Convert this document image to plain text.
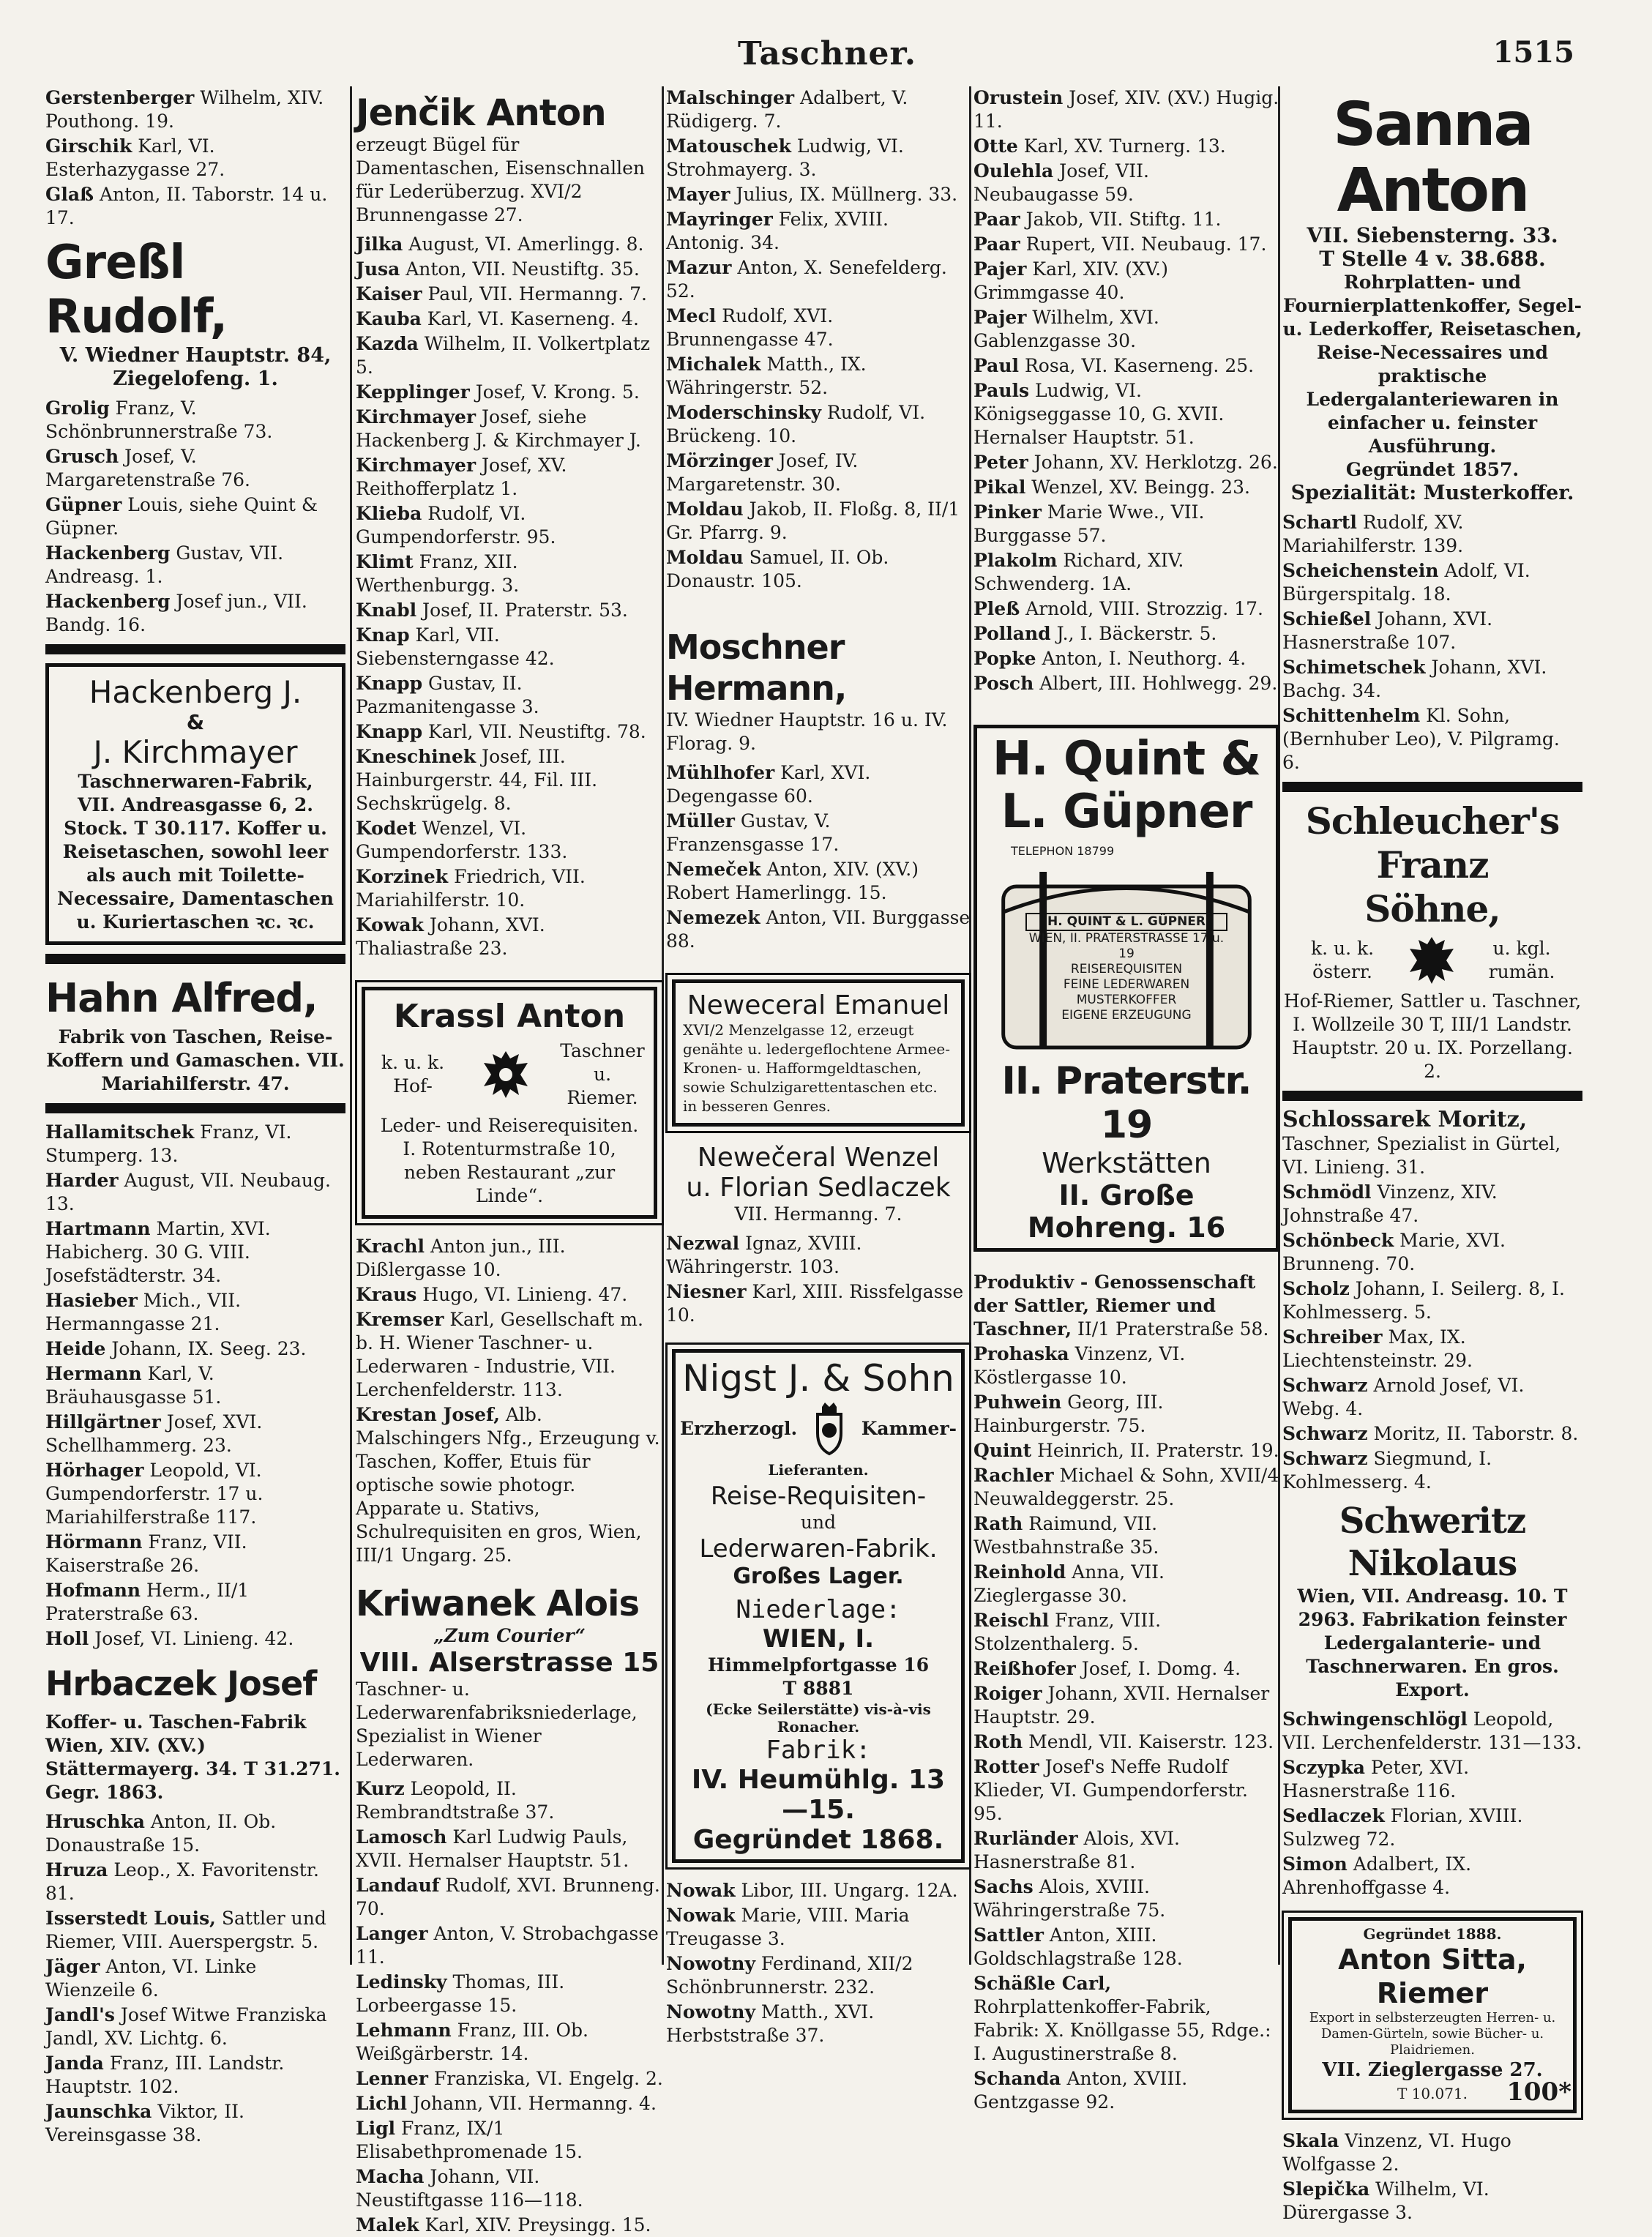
Taschner.	1515

Gerstenberger Wilhelm, XIV. Pouthong. 19.

Girschik Karl, VI. Esterhazygasse 27.

Glaß Anton, II. Taborstr. 14 u. 17.

Greßl Rudolf,
V. Wiedner Hauptstr. 84, Ziegelofeng. 1.

Grolig Franz, V. Schönbrunnerstraße 73.

Grusch Josef, V. Margaretenstraße 76.

Güpner Louis, siehe Quint & Güpner.

Hackenberg Gustav, VII. Andreasg. 1.

Hackenberg Josef jun., VII. Bandg. 16.

Hackenberg J.
&
J. Kirchmayer
Taschnerwaren-Fabrik, VII. Andreasgasse 6, 2. Stock. T 30.117. Koffer u. Reisetaschen, sowohl leer als auch mit Toilette-Necessaire, Damentaschen u. Kuriertaschen ꝛc. ꝛc.
Hahn Alfred,
Fabrik von Taschen, Reise-Koffern und Gamaschen. VII. Mariahilferstr. 47.

Hallamitschek Franz, VI. Stumperg. 13.

Harder August, VII. Neubaug. 13.

Hartmann Martin, XVI. Habicherg. 30 G. VIII. Josefstädterstr. 34.

Hasieber Mich., VII. Hermanngasse 21.

Heide Johann, IX. Seeg. 23.

Hermann Karl, V. Bräuhausgasse 51.

Hillgärtner Josef, XVI. Schellhammerg. 23.

Hörhager Leopold, VI. Gumpendorferstr. 17 u. Mariahilferstraße 117.

Hörmann Franz, VII. Kaiserstraße 26.

Hofmann Herm., II/1 Praterstraße 63.

Holl Josef, VI. Linieng. 42.

Hrbaczek Josef
Koffer- u. Taschen-Fabrik Wien, XIV. (XV.) Stättermayerg. 34. T 31.271. Gegr. 1863.

Hruschka Anton, II. Ob. Donaustraße 15.

Hruza Leop., X. Favoritenstr. 81.

Isserstedt Louis, Sattler und Riemer, VIII. Auerspergstr. 5.

Jäger Anton, VI. Linke Wienzeile 6.

Jandl's Josef Witwe Franziska Jandl, XV. Lichtg. 6.

Janda Franz, III. Landstr. Hauptstr. 102.

Jaunschka Viktor, II. Vereinsgasse 38.

Jenčik Anton
erzeugt Bügel für Damentaschen, Eisenschnallen für Lederüberzug. XVI/2 Brunnengasse 27.

Jilka August, VI. Amerlingg. 8.

Jusa Anton, VII. Neustiftg. 35.

Kaiser Paul, VII. Hermanng. 7.

Kauba Karl, VI. Kaserneng. 4.

Kazda Wilhelm, II. Volkertplatz 5.

Kepplinger Josef, V. Krong. 5.

Kirchmayer Josef, siehe Hackenberg J. & Kirchmayer J.

Kirchmayer Josef, XV. Reithofferplatz 1.

Klieba Rudolf, VI. Gumpendorferstr. 95.

Klimt Franz, XII. Werthenburgg. 3.

Knabl Josef, II. Praterstr. 53.

Knap Karl, VII. Siebensterngasse 42.

Knapp Gustav, II. Pazmanitengasse 3.

Knapp Karl, VII. Neustiftg. 78.

Kneschinek Josef, III. Hainburgerstr. 44, Fil. III. Sechskrügelg. 8.

Kodet Wenzel, VI. Gumpendorferstr. 133.

Korzinek Friedrich, VII. Mariahilferstr. 10.

Kowak Johann, XVI. Thaliastraße 23.

Krassl Anton
k. u. k. Hof-
Taschner u. Riemer.
Leder- und Reiserequisiten. I. Rotenturmstraße 10, neben Restaurant „zur Linde“.

Krachl Anton jun., III. Dißlergasse 10.

Kraus Hugo, VI. Linieng. 47.

Kremser Karl, Gesellschaft m. b. H. Wiener Taschner- u. Lederwaren - Industrie, VII. Lerchenfelderstr. 113.

Krestan Josef, Alb. Malschingers Nfg., Erzeugung v. Taschen, Koffer, Etuis für optische sowie photogr. Apparate u. Stativs, Schulrequisiten en gros, Wien, III/1 Ungarg. 25.

Kriwanek Alois
„Zum Courier“
VIII. Alserstrasse 15
Taschner- u. Lederwarenfabriksniederlage, Spezialist in Wiener Lederwaren.

Kurz Leopold, II. Rembrandtstraße 37.

Lamosch Karl Ludwig Pauls, XVII. Hernalser Hauptstr. 51.

Landauf Rudolf, XVI. Brunneng. 70.

Langer Anton, V. Strobachgasse 11.

Ledinsky Thomas, III. Lorbeergasse 15.

Lehmann Franz, III. Ob. Weißgärberstr. 14.

Lenner Franziska, VI. Engelg. 2.

Lichl Johann, VII. Hermanng. 4.

Ligl Franz, IX/1 Elisabethpromenade 15.

Macha Johann, VII. Neustiftgasse 116—118.

Malek Karl, XIV. Preysingg. 15.

Malschinger Adalbert, V. Rüdigerg. 7.

Matouschek Ludwig, VI. Strohmayerg. 3.

Mayer Julius, IX. Müllnerg. 33.

Mayringer Felix, XVIII. Antonig. 34.

Mazur Anton, X. Senefelderg. 52.

Mecl Rudolf, XVI. Brunnengasse 47.

Michalek Matth., IX. Währingerstr. 52.

Moderschinsky Rudolf, VI. Brückeng. 10.

Mörzinger Josef, IV. Margaretenstr. 30.

Moldau Jakob, II. Floßg. 8, II/1 Gr. Pfarrg. 9.

Moldau Samuel, II. Ob. Donaustr. 105.

Moschner Hermann,
IV. Wiedner Hauptstr. 16 u. IV. Florag. 9.

Mühlhofer Karl, XVI. Degengasse 60.

Müller Gustav, V. Franzensgasse 17.

Nemeček Anton, XIV. (XV.) Robert Hamerlingg. 15.

Nemezek Anton, VII. Burggasse 88.

Neweceral Emanuel
XVI/2 Menzelgasse 12, erzeugt genähte u. ledergeflochtene Armee-Kronen- u. Hafformgeldtaschen, sowie Schulzigarettentaschen etc. in besseren Genres.
Newečeral Wenzel
u. Florian Sedlaczek
VII. Hermanng. 7.

Nezwal Ignaz, XVIII. Währingerstr. 103.

Niesner Karl, XIII. Rissfelgasse 10.

Nigst J. & Sohn
Erzherzogl.	Kammer-
Lieferanten.
Reise-Requisiten-
und
Lederwaren-Fabrik.
Großes Lager.
Niederlage:
WIEN, I.
Himmelpfortgasse 16
T 8881
(Ecke Seilerstätte) vis-à-vis Ronacher.
Fabrik:
IV. Heumühlg. 13—15.
Gegründet 1868.

Nowak Libor, III. Ungarg. 12A.

Nowak Marie, VIII. Maria Treugasse 3.

Nowotny Ferdinand, XII/2 Schönbrunnerstr. 232.

Nowotny Matth., XVI. Herbststraße 37.

Orustein Josef, XIV. (XV.) Hugig. 11.

Otte Karl, XV. Turnerg. 13.

Oulehla Josef, VII. Neubaugasse 59.

Paar Jakob, VII. Stiftg. 11.

Paar Rupert, VII. Neubaug. 17.

Pajer Karl, XIV. (XV.) Grimmgasse 40.

Pajer Wilhelm, XVI. Gablenzgasse 30.

Paul Rosa, VI. Kaserneng. 25.

Pauls Ludwig, VI. Königseggasse 10, G. XVII. Hernalser Hauptstr. 51.

Peter Johann, XV. Herklotzg. 26.

Pikal Wenzel, XV. Beingg. 23.

Pinker Marie Wwe., VII. Burggasse 57.

Plakolm Richard, XIV. Schwenderg. 1A.

Pleß Arnold, VIII. Strozzig. 17.

Polland J., I. Bäckerstr. 5.

Popke Anton, I. Neuthorg. 4.

Posch Albert, III. Hohlwegg. 29.

H. Quint &
L. Güpner
TELEPHON 18799
H. QUINT & L. GÜPNER
WIEN, II. PRATERSTRASSE 17 u. 19
REISEREQUISITEN
FEINE LEDERWAREN
MUSTERKOFFER
EIGENE ERZEUGUNG
II. Praterstr. 19
Werkstätten
II. Große Mohreng. 16

Produktiv - Genossenschaft der Sattler, Riemer und Taschner, II/1 Praterstraße 58.

Prohaska Vinzenz, VI. Köstlergasse 10.

Puhwein Georg, III. Hainburgerstr. 75.

Quint Heinrich, II. Praterstr. 19.

Rachler Michael & Sohn, XVII/4 Neuwaldeggerstr. 25.

Rath Raimund, VII. Westbahnstraße 35.

Reinhold Anna, VII. Zieglergasse 30.

Reischl Franz, VIII. Stolzenthalerg. 5.

Reißhofer Josef, I. Domg. 4.

Roiger Johann, XVII. Hernalser Hauptstr. 29.

Roth Mendl, VII. Kaiserstr. 123.

Rotter Josef's Neffe Rudolf Klieder, VI. Gumpendorferstr. 95.

Rurländer Alois, XVI. Hasnerstraße 81.

Sachs Alois, XVIII. Währingerstraße 75.

Sattler Anton, XIII. Goldschlagstraße 128.

Schäßle Carl, Rohrplattenkoffer-Fabrik, Fabrik: X. Knöllgasse 55, Rdge.: I. Augustinerstraße 8.

Schanda Anton, XVIII. Gentzgasse 92.

Sanna Anton
VII. Siebensterng. 33.
T Stelle 4 v. 38.688.
Rohrplatten- und Fournierplattenkoffer, Segel- u. Lederkoffer, Reisetaschen, Reise-Necessaires und praktische Ledergalanteriewaren in einfacher u. feinster Ausführung.
Gegründet 1857.
Spezialität: Musterkoffer.

Schartl Rudolf, XV. Mariahilferstr. 139.

Scheichenstein Adolf, VI. Bürgerspitalg. 18.

Schießel Johann, XVI. Hasnerstraße 107.

Schimetschek Johann, XVI. Bachg. 34.

Schittenhelm Kl. Sohn, (Bernhuber Leo), V. Pilgramg. 6.

Schleucher's Franz
Söhne,
k. u. k. österr.
u. kgl. rumän.
Hof-Riemer, Sattler u. Taschner, I. Wollzeile 30 T, III/1 Landstr. Hauptstr. 20 u. IX. Porzellang. 2.

Schlossarek Moritz, Taschner, Spezialist in Gürtel, VI. Linieng. 31.

Schmödl Vinzenz, XIV. Johnstraße 47.

Schönbeck Marie, XVI. Brunneng. 70.

Scholz Johann, I. Seilerg. 8, I. Kohlmesserg. 5.

Schreiber Max, IX. Liechtensteinstr. 29.

Schwarz Arnold Josef, VI. Webg. 4.

Schwarz Moritz, II. Taborstr. 8.

Schwarz Siegmund, I. Kohlmesserg. 4.

Schweritz Nikolaus
Wien, VII. Andreasg. 10. T 2963. Fabrikation feinster Ledergalanterie- und Taschnerwaren. En gros. Export.

Schwingenschlögl Leopold, VII. Lerchenfelderstr. 131—133.

Sczypka Peter, XVI. Hasnerstraße 116.

Sedlaczek Florian, XVIII. Sulzweg 72.

Simon Adalbert, IX. Ahrenhoffgasse 4.

Gegründet 1888.
Anton Sitta, Riemer
Export in selbsterzeugten Herren- u. Damen-Gürteln, sowie Bücher- u. Plaidriemen.
VII. Zieglergasse 27.
T 10.071.

Skala Vinzenz, VI. Hugo Wolfgasse 2.

Slepička Wilhelm, VI. Dürergasse 3.

100*
